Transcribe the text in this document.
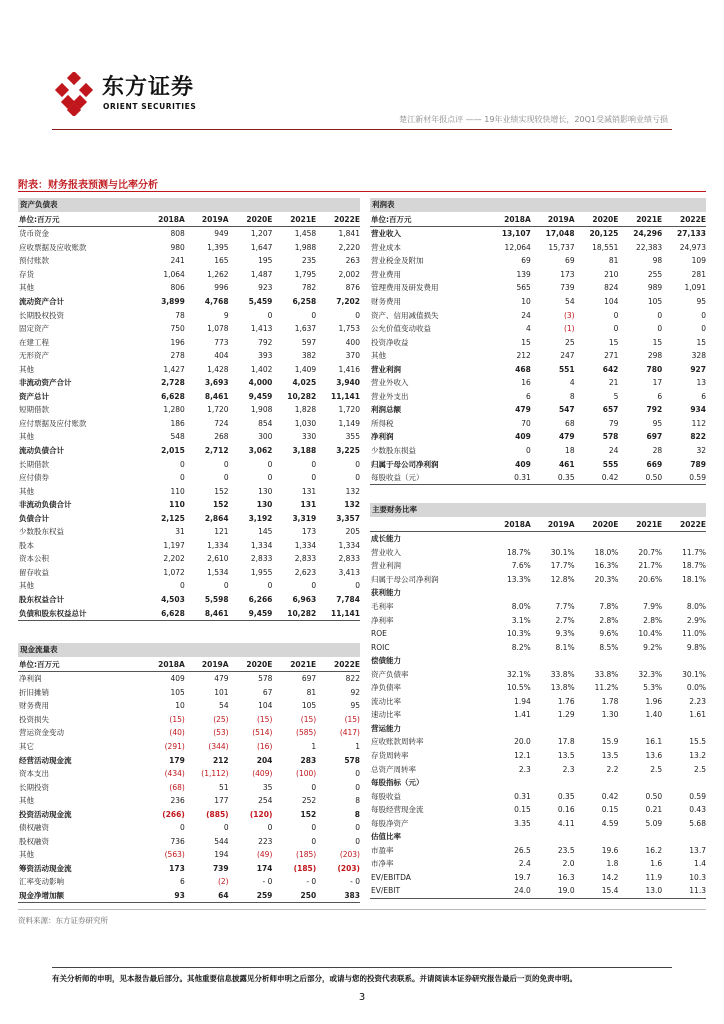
东方证券
ORIENT SECURITIES
楚江新材年报点评 —— 19年业绩实现较快增长，20Q1受减销影响业绩亏损
附表：财务报表预测与比率分析
资产负债表
单位:百万元	2018A	2019A	2020E	2021E	2022E
货币资金	808	949	1,207	1,458	1,841
应收票据及应收账款	980	1,395	1,647	1,988	2,220
预付账款	241	165	195	235	263
存货	1,064	1,262	1,487	1,795	2,002
其他	806	996	923	782	876
流动资产合计	3,899	4,768	5,459	6,258	7,202
长期股权投资	78	9	0	0	0
固定资产	750	1,078	1,413	1,637	1,753
在建工程	196	773	792	597	400
无形资产	278	404	393	382	370
其他	1,427	1,428	1,402	1,409	1,416
非流动资产合计	2,728	3,693	4,000	4,025	3,940
资产总计	6,628	8,461	9,459	10,282	11,141
短期借款	1,280	1,720	1,908	1,828	1,720
应付票据及应付账款	186	724	854	1,030	1,149
其他	548	268	300	330	355
流动负债合计	2,015	2,712	3,062	3,188	3,225
长期借款	0	0	0	0	0
应付债券	0	0	0	0	0
其他	110	152	130	131	132
非流动负债合计	110	152	130	131	132
负债合计	2,125	2,864	3,192	3,319	3,357
少数股东权益	31	121	145	173	205
股本	1,197	1,334	1,334	1,334	1,334
资本公积	2,202	2,610	2,833	2,833	2,833
留存收益	1,072	1,534	1,955	2,623	3,413
其他	0	0	0	0	0
股东权益合计	4,503	5,598	6,266	6,963	7,784
负债和股东权益总计	6,628	8,461	9,459	10,282	11,141
现金流量表
单位:百万元	2018A	2019A	2020E	2021E	2022E
净利润	409	479	578	697	822
折旧摊销	105	101	67	81	92
财务费用	10	54	104	105	95
投资损失	(15)	(25)	(15)	(15)	(15)
营运资金变动	(40)	(53)	(514)	(585)	(417)
其它	(291)	(344)	(16)	1	1
经营活动现金流	179	212	204	283	578
资本支出	(434)	(1,112)	(409)	(100)	0
长期投资	(68)	51	35	0	0
其他	236	177	254	252	8
投资活动现金流	(266)	(885)	(120)	152	8
债权融资	0	0	0	0	0
股权融资	736	544	223	0	0
其他	(563)	194	(49)	(185)	(203)
筹资活动现金流	173	739	174	(185)	(203)
汇率变动影响	6	(2)	- 0	- 0	- 0
现金净增加额	93	64	259	250	383
利润表
单位:百万元	2018A	2019A	2020E	2021E	2022E
营业收入	13,107	17,048	20,125	24,296	27,133
营业成本	12,064	15,737	18,551	22,383	24,973
营业税金及附加	69	69	81	98	109
营业费用	139	173	210	255	281
管理费用及研发费用	565	739	824	989	1,091
财务费用	10	54	104	105	95
资产、信用减值损失	24	(3)	0	0	0
公允价值变动收益	4	(1)	0	0	0
投资净收益	15	25	15	15	15
其他	212	247	271	298	328
营业利润	468	551	642	780	927
营业外收入	16	4	21	17	13
营业外支出	6	8	5	6	6
利润总额	479	547	657	792	934
所得税	70	68	79	95	112
净利润	409	479	578	697	822
少数股东损益	0	18	24	28	32
归属于母公司净利润	409	461	555	669	789
每股收益（元）	0.31	0.35	0.42	0.50	0.59
主要财务比率
2018A	2019A	2020E	2021E	2022E
成长能力
营业收入	18.7%	30.1%	18.0%	20.7%	11.7%
营业利润	7.6%	17.7%	16.3%	21.7%	18.7%
归属于母公司净利润	13.3%	12.8%	20.3%	20.6%	18.1%
获利能力
毛利率	8.0%	7.7%	7.8%	7.9%	8.0%
净利率	3.1%	2.7%	2.8%	2.8%	2.9%
ROE	10.3%	9.3%	9.6%	10.4%	11.0%
ROIC	8.2%	8.1%	8.5%	9.2%	9.8%
偿债能力
资产负债率	32.1%	33.8%	33.8%	32.3%	30.1%
净负债率	10.5%	13.8%	11.2%	5.3%	0.0%
流动比率	1.94	1.76	1.78	1.96	2.23
速动比率	1.41	1.29	1.30	1.40	1.61
营运能力
应收账款周转率	20.0	17.8	15.9	16.1	15.5
存货周转率	12.1	13.5	13.5	13.6	13.2
总资产周转率	2.3	2.3	2.2	2.5	2.5
每股指标（元）
每股收益	0.31	0.35	0.42	0.50	0.59
每股经营现金流	0.15	0.16	0.15	0.21	0.43
每股净资产	3.35	4.11	4.59	5.09	5.68
估值比率
市盈率	26.5	23.5	19.6	16.2	13.7
市净率	2.4	2.0	1.8	1.6	1.4
EV/EBITDA	19.7	16.3	14.2	11.9	10.3
EV/EBIT	24.0	19.0	15.4	13.0	11.3
资料来源：东方证券研究所
有关分析师的申明，见本报告最后部分。其他重要信息披露见分析师申明之后部分，或请与您的投资代表联系。并请阅读本证券研究报告最后一页的免责申明。
3
